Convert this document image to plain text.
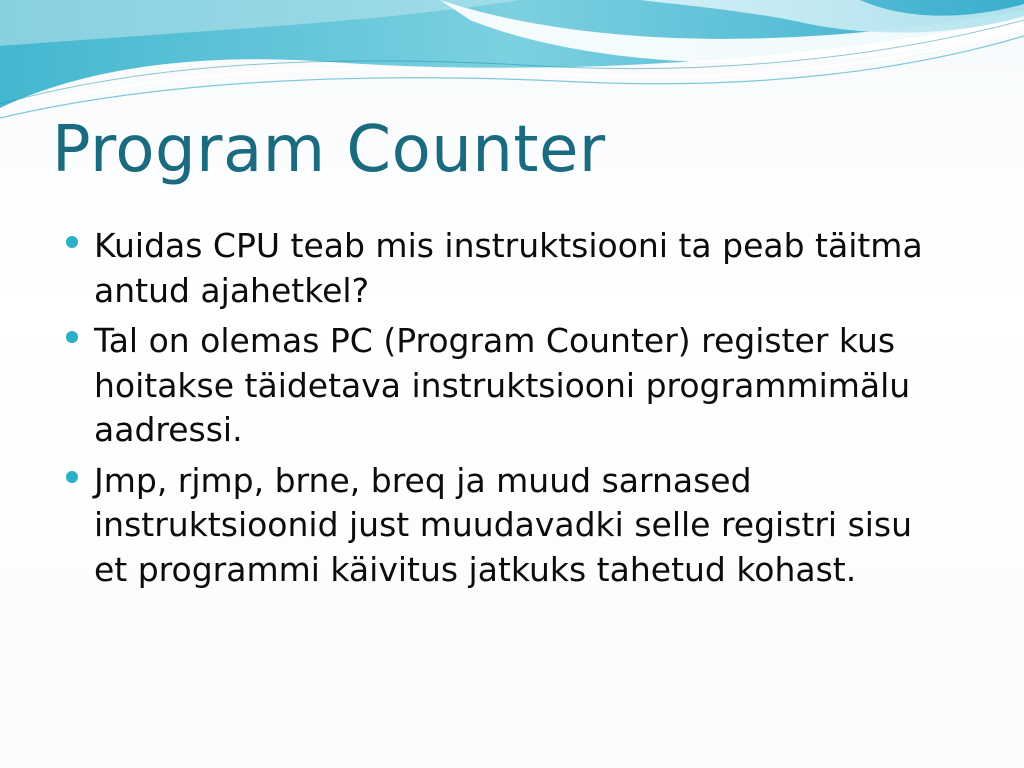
Program Counter
Kuidas CPU teab mis instruktsiooni ta peab täitma antud ajahetkel?
Tal on olemas PC (Program Counter) register kus hoitakse täidetava instruktsiooni programmimälu aadressi.
Jmp, rjmp, brne, breq ja muud sarnased instruktsioonid just muudavadki selle registri sisu et programmi käivitus jatkuks tahetud kohast.
